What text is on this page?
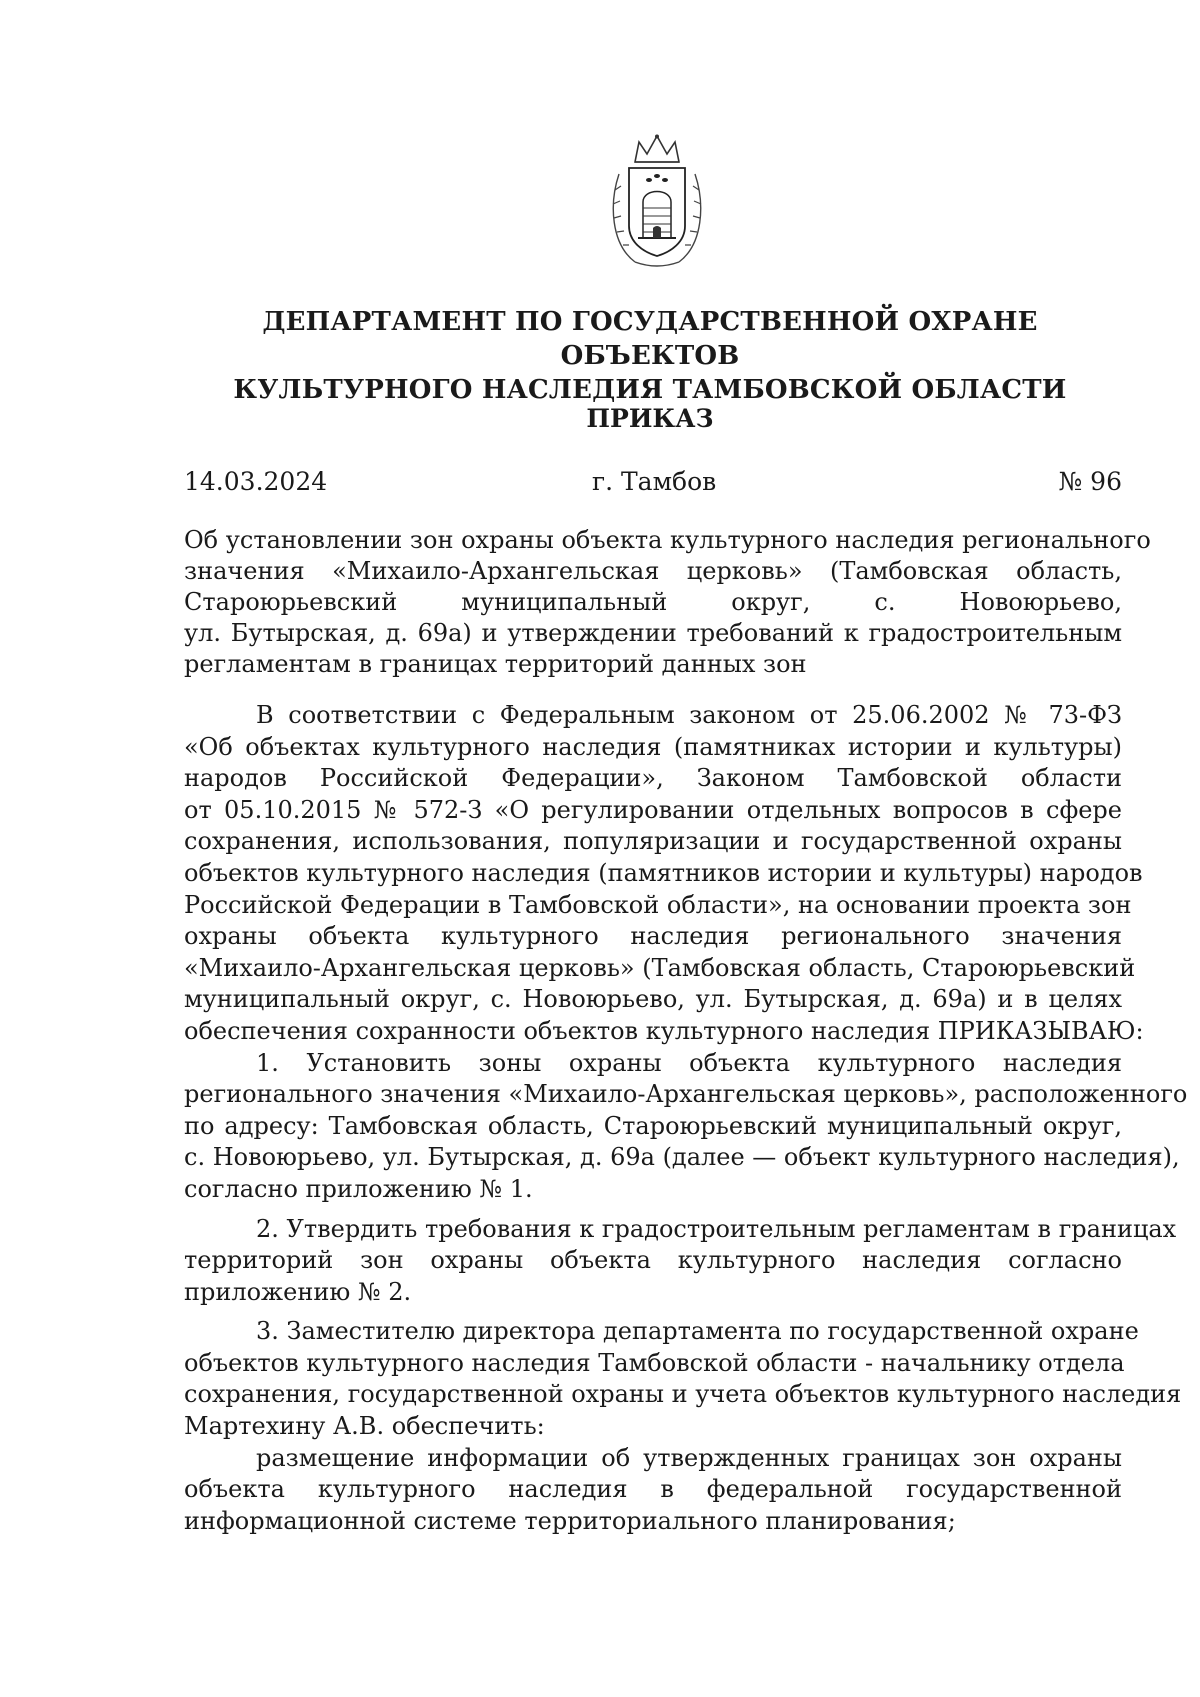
ДЕПАРТАМЕНТ ПО ГОСУДАРСТВЕННОЙ ОХРАНЕ ОБЪЕКТОВ
КУЛЬТУРНОГО НАСЛЕДИЯ ТАМБОВСКОЙ ОБЛАСТИ
ПРИКАЗ
14.03.2024	г. Тамбов	№ 96
Об установлении зон охраны объекта культурного наследия регионального
значения «Михаило-Архангельская церковь» (Тамбовская область,
Староюрьевский муниципальный округ, с. Новоюрьево,
ул. Бутырская, д. 69а) и утверждении требований к градостроительным
регламентам в границах территорий данных зон
В соответствии с Федеральным законом от 25.06.2002 № 73-ФЗ
«Об объектах культурного наследия (памятниках истории и культуры)
народов Российской Федерации», Законом Тамбовской области
от 05.10.2015 № 572-З «О регулировании отдельных вопросов в сфере
сохранения, использования, популяризации и государственной охраны
объектов культурного наследия (памятников истории и культуры) народов
Российской Федерации в Тамбовской области», на основании проекта зон
охраны объекта культурного наследия регионального значения
«Михаило-Архангельская церковь» (Тамбовская область, Староюрьевский
муниципальный округ, с. Новоюрьево, ул. Бутырская, д. 69а) и в целях
обеспечения сохранности объектов культурного наследия ПРИКАЗЫВАЮ:
1. Установить зоны охраны объекта культурного наследия
регионального значения «Михаило-Архангельская церковь», расположенного
по адресу: Тамбовская область, Староюрьевский муниципальный округ,
с. Новоюрьево, ул. Бутырская, д. 69а (далее — объект культурного наследия),
согласно приложению № 1.
2. Утвердить требования к градостроительным регламентам в границах
территорий зон охраны объекта культурного наследия согласно
приложению № 2.
3. Заместителю директора департамента по государственной охране
объектов культурного наследия Тамбовской области - начальнику отдела
сохранения, государственной охраны и учета объектов культурного наследия
Мартехину А.В. обеспечить:
размещение информации об утвержденных границах зон охраны
объекта культурного наследия в федеральной государственной
информационной системе территориального планирования;
